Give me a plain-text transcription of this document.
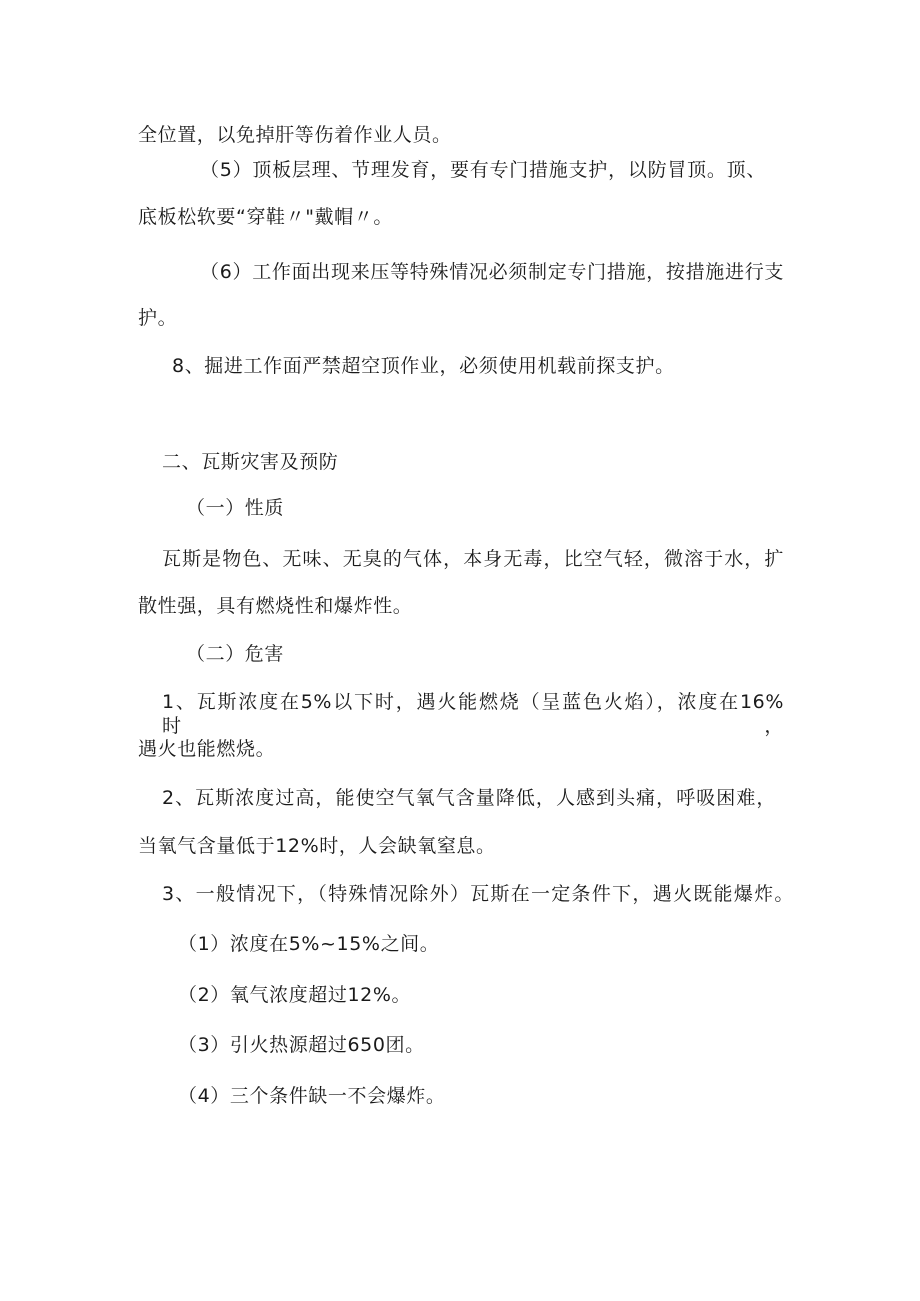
全位置，以免掉肝等伤着作业人员。
（5）顶板层理、节理发育，要有专门措施支护，以防冒顶。顶、
底板松软要“穿鞋〃"戴帽〃。
（6）工作面出现来压等特殊情况必须制定专门措施，按措施进行支
护。
8、掘进工作面严禁超空顶作业，必须使用机载前探支护。
二、瓦斯灾害及预防
（一）性质
瓦斯是物色、无味、无臭的气体，本身无毒，比空气轻，微溶于水，扩
散性强，具有燃烧性和爆炸性。
（二）危害
1、瓦斯浓度在5%以下时，遇火能燃烧（呈蓝色火焰），浓度在16%时，
遇火也能燃烧。
2、瓦斯浓度过高，能使空气氧气含量降低，人感到头痛，呼吸困难，
当氧气含量低于12%时，人会缺氧窒息。
3、一般情况下，（特殊情况除外）瓦斯在一定条件下，遇火既能爆炸。
（1）浓度在5%~15%之间。
（2）氧气浓度超过12%。
（3）引火热源超过650团。
（4）三个条件缺一不会爆炸。
